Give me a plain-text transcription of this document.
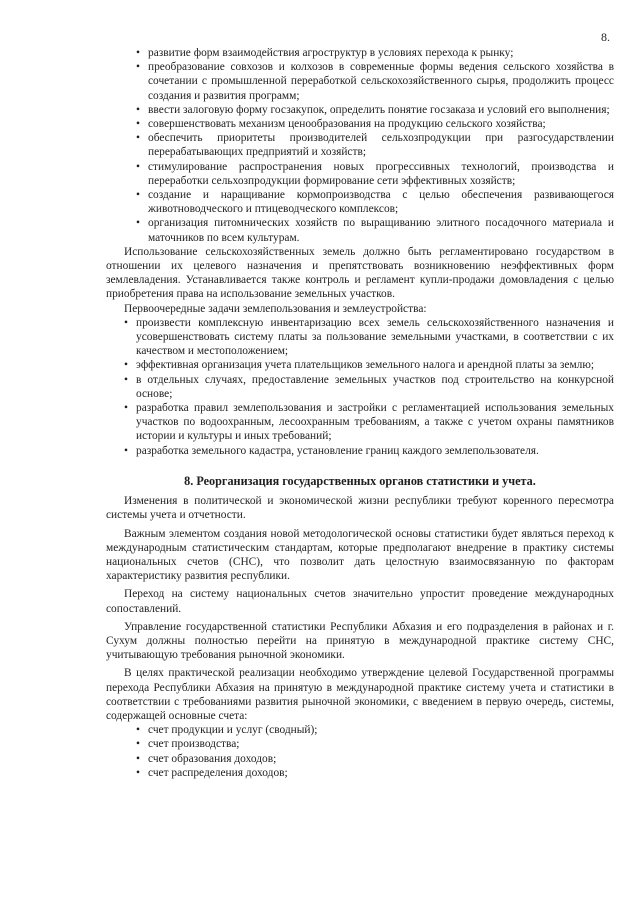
8.
• развитие форм взаимодействия агроструктур в условиях перехода к рынку;
• преобразование совхозов и колхозов в современные формы ведения сельского хозяйства в сочетании с промышленной переработкой сельскохозяйственного сырья, продолжить процесс создания и развития программ;
• ввести залоговую форму госзакупок, определить понятие госзаказа и условий его выполнения;
• совершенствовать механизм ценообразования на продукцию сельского хозяйства;
• обеспечить приоритеты производителей сельхозпродукции при разгосударствлении перерабатывающих предприятий и хозяйств;
• стимулирование распространения новых прогрессивных технологий, производства и переработки сельхозпродукции формирование сети эффективных хозяйств;
• создание и наращивание кормопроизводства с целью обеспечения развивающегося животноводческого и птицеводческого комплексов;
• организация питомнических хозяйств по выращиванию элитного посадочного материала и маточников по всем культурам.

Использование сельскохозяйственных земель должно быть регламентировано государством в отношении их целевого назначения и препятствовать возникновению неэффективных форм землевладения. Устанавливается также контроль и регламент купли-продажи домовладения с целью приобретения права на использование земельных участков.

Первоочередные задачи землепользования и землеустройства:

• произвести комплексную инвентаризацию всех земель сельскохозяйственного назначения и усовершенствовать систему платы за пользование земельными участками, в соответствии с их качеством и местоположением;
• эффективная организация учета плательщиков земельного налога и арендной платы за землю;
• в отдельных случаях, предоставление земельных участков под строительство на конкурсной основе;
• разработка правил землепользования и застройки с регламентацией использования земельных участков по водоохранным, лесоохранным требованиям, а также с учетом охраны памятников истории и культуры и иных требований;
• разработка земельного кадастра, установление границ каждого землепользователя.
8. Реорганизация государственных органов статистики и учета.

Изменения в политической и экономической жизни республики требуют коренного пересмотра системы учета и отчетности.

Важным элементом создания новой методологической основы статистики будет являться переход к международным статистическим стандартам, которые предполагают внедрение в практику системы национальных счетов (СНС), что позволит дать целостную взаимосвязанную по факторам характеристику развития республики.

Переход на систему национальных счетов значительно упростит проведение международных сопоставлений.

Управление государственной статистики Республики Абхазия и его подразделения в районах и г. Сухум должны полностью перейти на принятую в международной практике систему СНС, учитывающую требования рыночной экономики.

В целях практической реализации необходимо утверждение целевой Государственной программы перехода Республики Абхазия на принятую в международной практике систему учета и статистики в соответствии с требованиями развития рыночной экономики, с введением в первую очередь, системы, содержащей основные счета:

• счет продукции и услуг (сводный);
• счет производства;
• счет образования доходов;
• счет распределения доходов;
